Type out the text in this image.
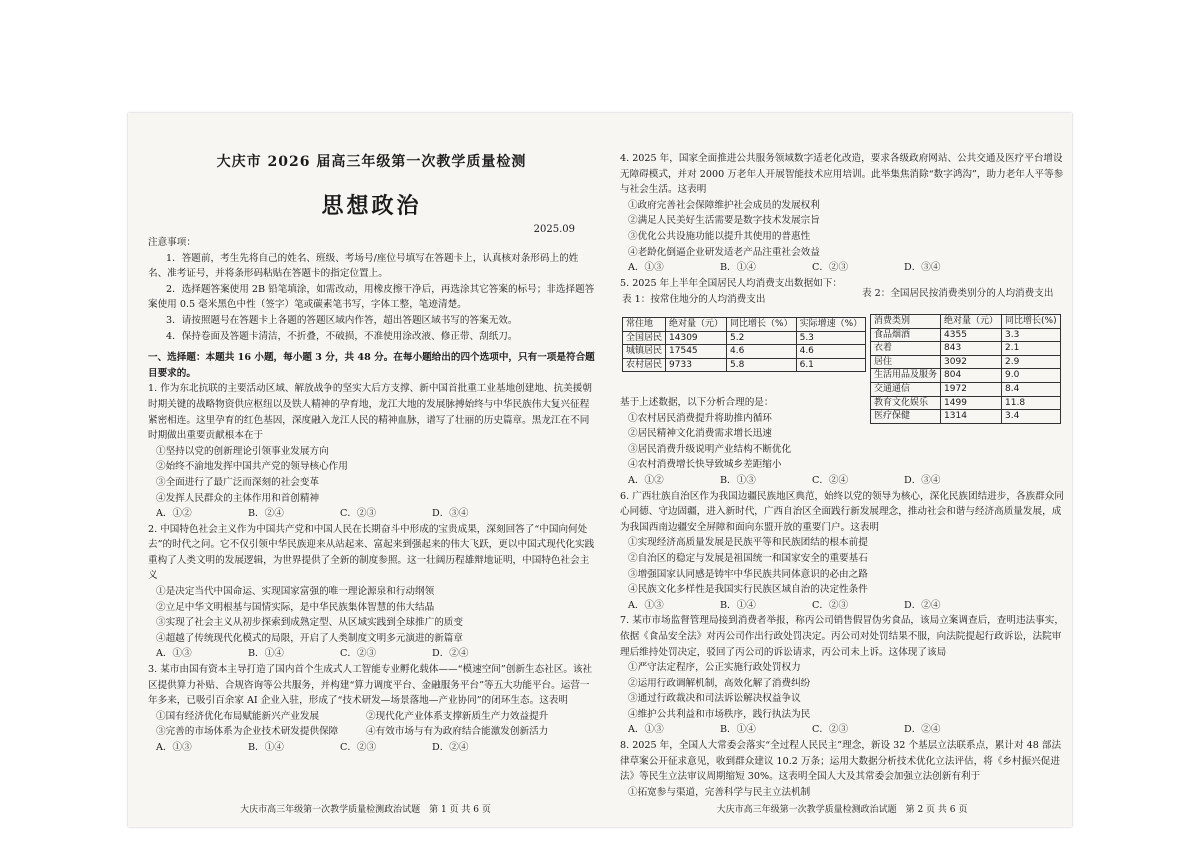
大庆市 2026 届高三年级第一次教学质量检测
思想政治
2025.09

注意事项：

1．答题前，考生先将自己的姓名、班级、考场号/座位号填写在答题卡上，认真核对条形码上的姓名、准考证号，并将条形码粘贴在答题卡的指定位置上。

2．选择题答案使用 2B 铅笔填涂，如需改动，用橡皮擦干净后，再选涂其它答案的标号；非选择题答案使用 0.5 毫米黑色中性（签字）笔或碳素笔书写，字体工整，笔迹清楚。

3．请按照题号在答题卡上各题的答题区域内作答，超出答题区域书写的答案无效。

4．保持卷面及答题卡清洁，不折叠，不破损，不准使用涂改液、修正带、刮纸刀。

一、选择题：本题共 16 小题，每小题 3 分，共 48 分。在每小题给出的四个选项中，只有一项是符合题目要求的。

1. 作为东北抗联的主要活动区域、解放战争的坚实大后方支撑、新中国首批重工业基地创建地、抗美援朝时期关键的战略物资供应枢纽以及铁人精神的孕育地，龙江大地的发展脉搏始终与中华民族伟大复兴征程紧密相连。这里孕育的红色基因，深度融入龙江人民的精神血脉，谱写了壮丽的历史篇章。黑龙江在不同时期做出重要贡献根本在于

①坚持以党的创新理论引领事业发展方向

②始终不渝地发挥中国共产党的领导核心作用

③全面进行了最广泛而深刻的社会变革

④发挥人民群众的主体作用和首创精神

A．①②	B．②④	C．②③	D．③④

2. 中国特色社会主义作为中国共产党和中国人民在长期奋斗中形成的宝贵成果，深刻回答了“中国向何处去”的时代之问。它不仅引领中华民族迎来从站起来、富起来到强起来的伟大飞跃，更以中国式现代化实践重构了人类文明的发展逻辑，为世界提供了全新的制度参照。这一壮阔历程雄辩地证明，中国特色社会主义

①是决定当代中国命运、实现国家富强的唯一理论源泉和行动纲领

②立足中华文明根基与国情实际，是中华民族集体智慧的伟大结晶

③实现了社会主义从初步探索到成熟定型、从区域实践到全球推广的质变

④超越了传统现代化模式的局限，开启了人类制度文明多元演进的新篇章

A．①③	B．①④	C．②③	D．②④

3. 某市由国有资本主导打造了国内首个生成式人工智能专业孵化载体——“模速空间”创新生态社区。该社区提供算力补贴、合规咨询等公共服务，并构建“算力调度平台、金融服务平台”等五大功能平台。运营一年多来，已吸引百余家 AI 企业入驻，形成了“技术研发—场景落地—产业协同”的闭环生态。这表明

①国有经济优化布局赋能新兴产业发展	②现代化产业体系支撑新质生产力效益提升
③完善的市场体系为企业技术研发提供保障	④有效市场与有为政府结合能激发创新活力
A．①③	B．①④	C．②③	D．②④
大庆市高三年级第一次教学质量检测政治试题　第 1 页 共 6 页

4. 2025 年，国家全面推进公共服务领域数字适老化改造，要求各级政府网站、公共交通及医疗平台增设无障碍模式，并对 2000 万老年人开展智能技术应用培训。此举集焦消除“数字鸿沟”，助力老年人平等参与社会生活。这表明

①政府完善社会保障维护社会成员的发展权利

②满足人民美好生活需要是数字技术发展宗旨

③优化公共设施功能以提升其使用的普惠性

④老龄化倒逼企业研发适老产品注重社会效益

A．①③	B．①④	C．②③	D．③④

5. 2025 年上半年全国居民人均消费支出数据如下：

表 1：按常住地分的人均消费支出
表 2：全国居民按消费类别分的人均消费支出
常住地	绝对量（元）	同比增长（%）	实际增速（%）
全国居民	14309	5.2	5.3
城镇居民	17545	4.6	4.6
农村居民	9733	5.8	6.1
消费类别	绝对量（元）	同比增长(%)
食品烟酒	4355	3.3
衣着	843	2.1
居住	3092	2.9
生活用品及服务	804	9.0
交通通信	1972	8.4
教育文化娱乐	1499	11.8
医疗保健	1314	3.4

基于上述数据，以下分析合理的是：

①农村居民消费提升将助推内循环

②居民精神文化消费需求增长迅速

③居民消费升级说明产业结构不断优化

④农村消费增长快导致城乡差距缩小

A．①②	B．①③	C．②④	D．③④

6. 广西壮族自治区作为我国边疆民族地区典范，始终以党的领导为核心，深化民族团结进步，各族群众同心同德、守边固疆，进入新时代，广西自治区全面践行新发展理念，推动社会和谐与经济高质量发展，成为我国西南边疆安全屏障和面向东盟开放的重要门户。这表明

①实现经济高质量发展是民族平等和民族团结的根本前提

②自治区的稳定与发展是祖国统一和国家安全的重要基石

③增强国家认同感是铸牢中华民族共同体意识的必由之路

④民族文化多样性是我国实行民族区域自治的决定性条件

A．①③	B．①④	C．②③	D．②④

7. 某市市场监督管理局接到消费者举报，称丙公司销售假冒伪劣食品，该局立案调查后，查明违法事实，依据《食品安全法》对丙公司作出行政处罚决定。丙公司对处罚结果不服，向法院提起行政诉讼，法院审理后维持处罚决定，驳回了丙公司的诉讼请求，丙公司未上诉。这体现了该局

①严守法定程序，公正实施行政处罚权力

②运用行政调解机制，高效化解了消费纠纷

③通过行政裁决和司法诉讼解决权益争议

④维护公共利益和市场秩序，践行执法为民

A．①③	B．①④	C．②③	D．②④

8. 2025 年，全国人大常委会落实“全过程人民民主”理念，新设 32 个基层立法联系点，累计对 48 部法律草案公开征求意见，收到群众建议 10.2 万条；运用大数据分析技术优化立法评估，将《乡村振兴促进法》等民生立法审议周期缩短 30%。这表明全国人大及其常委会加强立法创新有利于

①拓宽参与渠道，完善科学与民主立法机制

大庆市高三年级第一次教学质量检测政治试题　第 2 页 共 6 页
